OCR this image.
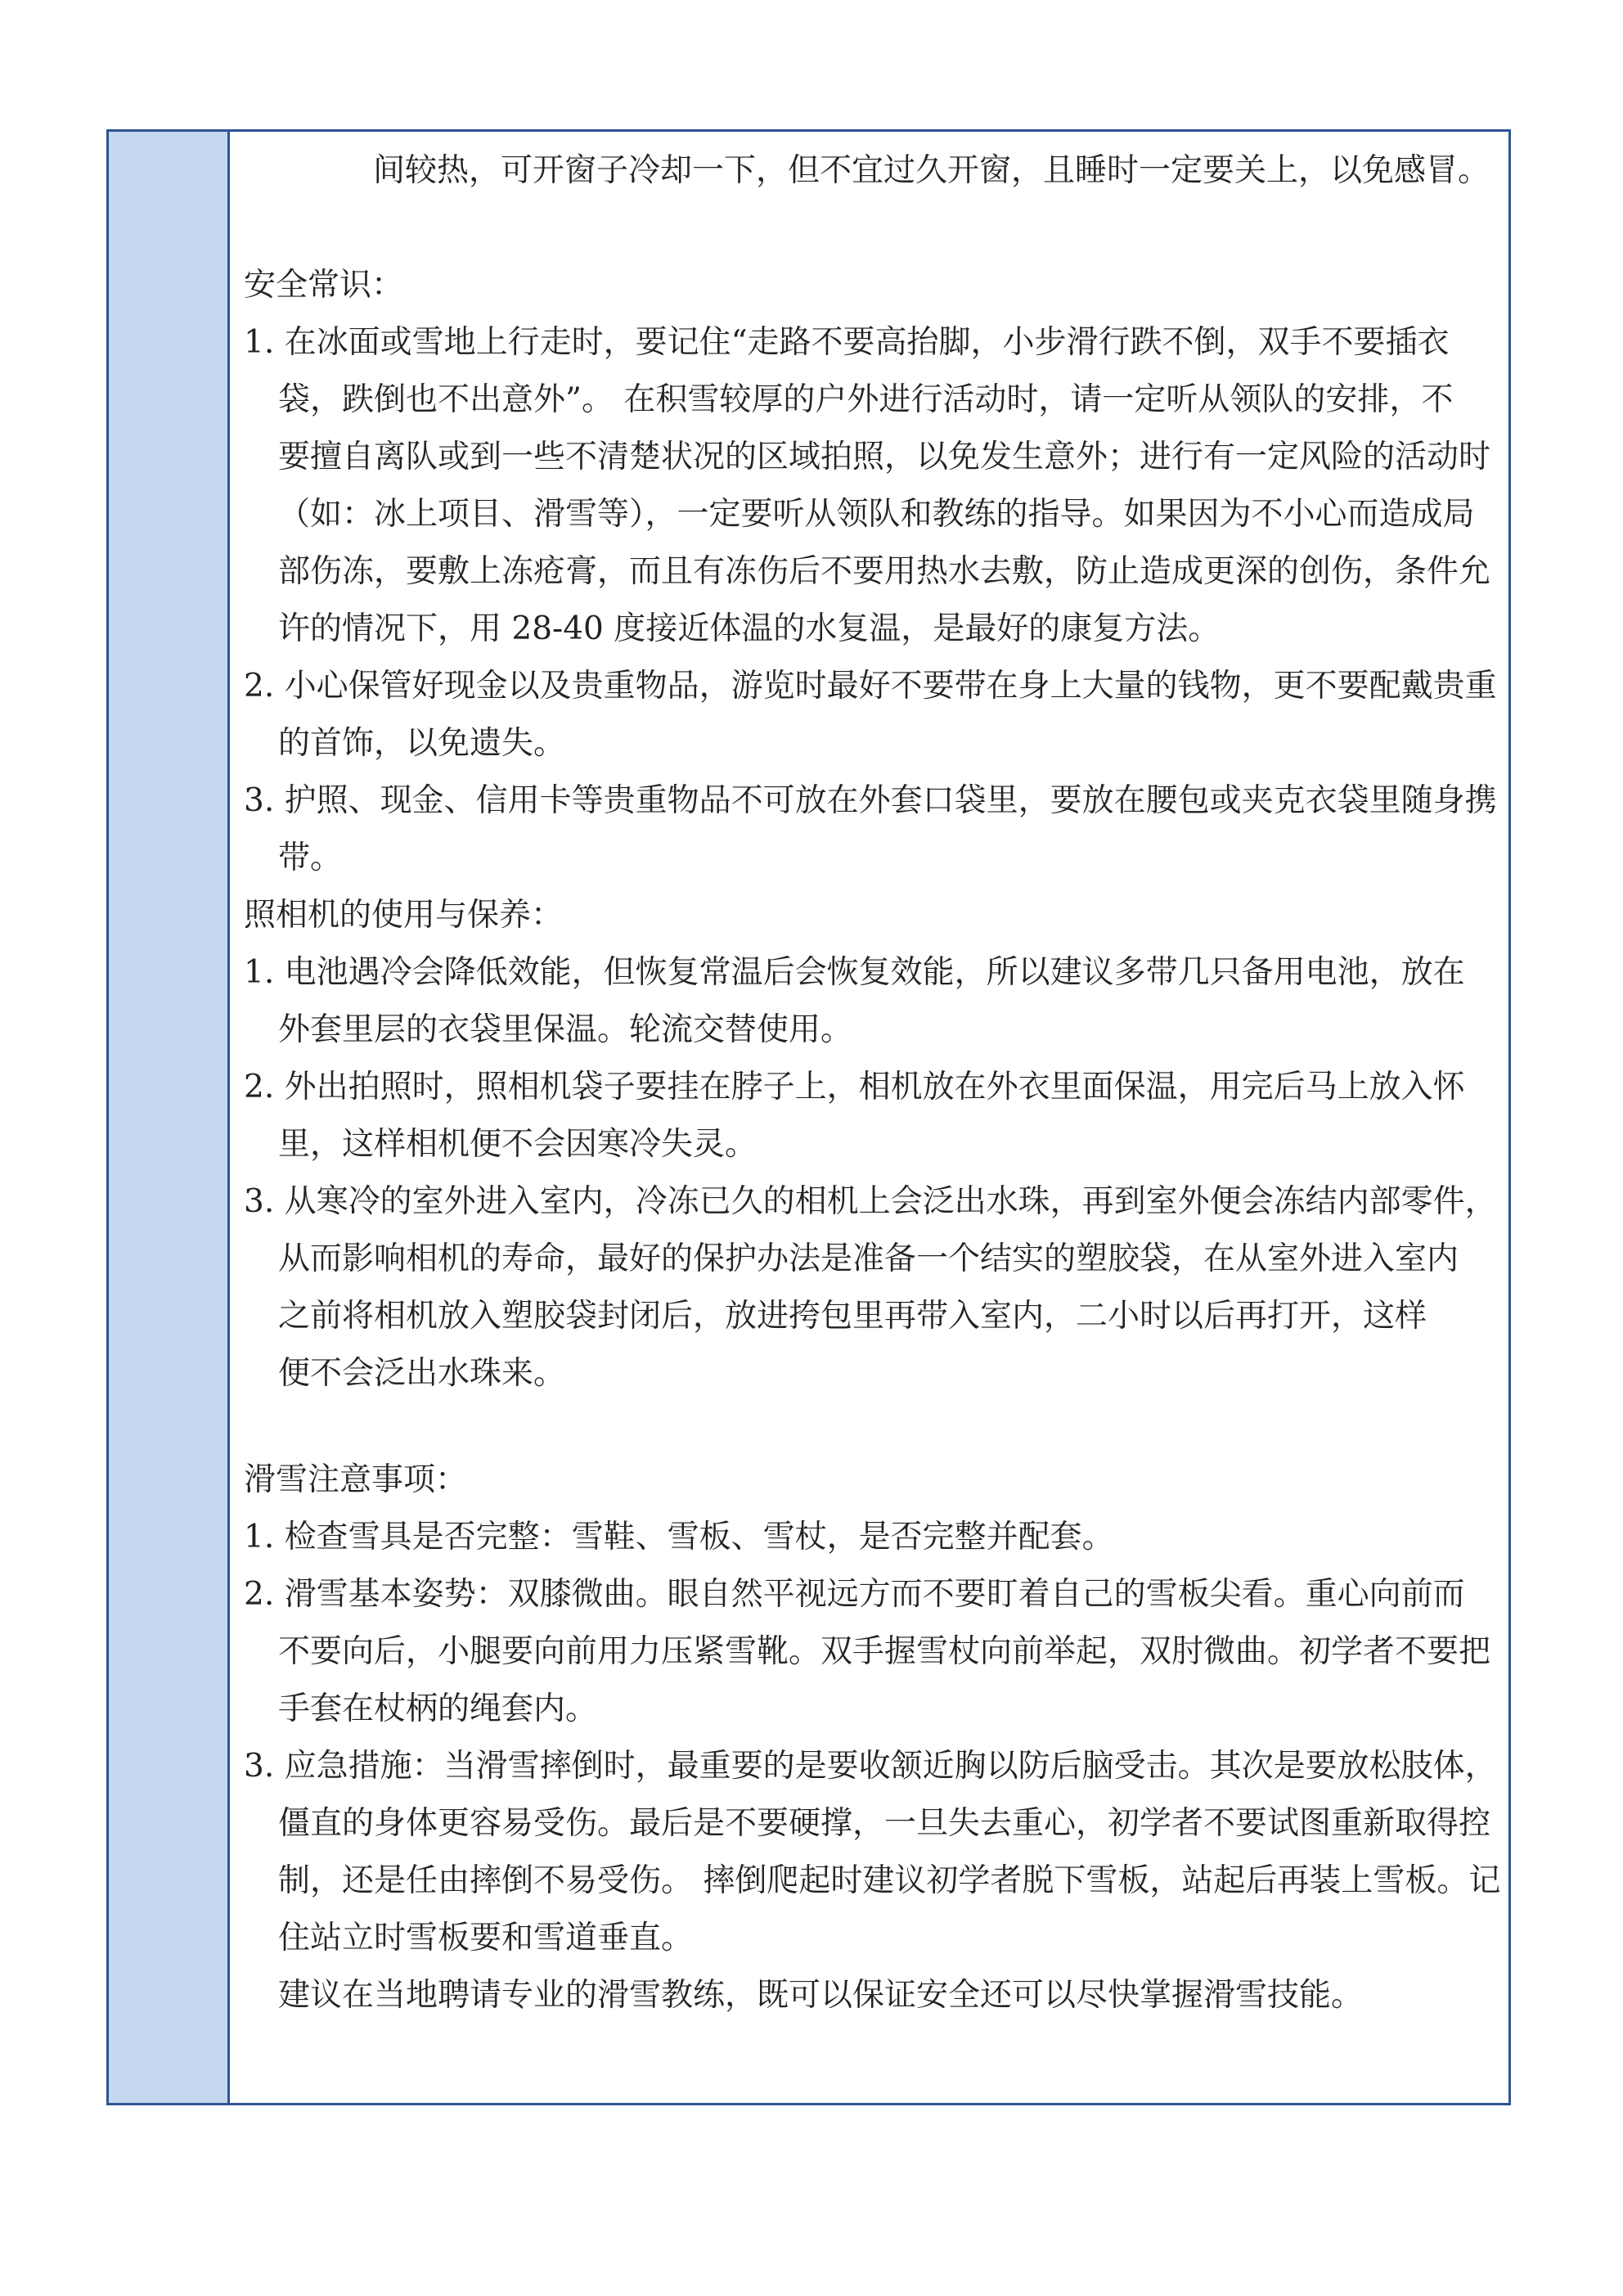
间较热，可开窗子冷却一下，但不宜过久开窗，且睡时一定要关上，以免感冒。

安全常识：

1. 在冰面或雪地上行走时，要记住“走路不要高抬脚，小步滑行跌不倒，双手不要插衣

袋，跌倒也不出意外”。 在积雪较厚的户外进行活动时，请一定听从领队的安排，不

要擅自离队或到一些不清楚状况的区域拍照，以免发生意外；进行有一定风险的活动时

（如：冰上项目、滑雪等），一定要听从领队和教练的指导。如果因为不小心而造成局

部伤冻，要敷上冻疮膏，而且有冻伤后不要用热水去敷，防止造成更深的创伤，条件允

许的情况下，用 28-40 度接近体温的水复温，是最好的康复方法。

2. 小心保管好现金以及贵重物品，游览时最好不要带在身上大量的钱物，更不要配戴贵重

的首饰，以免遗失。

3. 护照、现金、信用卡等贵重物品不可放在外套口袋里，要放在腰包或夹克衣袋里随身携

带。

照相机的使用与保养：

1. 电池遇冷会降低效能，但恢复常温后会恢复效能，所以建议多带几只备用电池，放在

外套里层的衣袋里保温。轮流交替使用。

2. 外出拍照时，照相机袋子要挂在脖子上，相机放在外衣里面保温，用完后马上放入怀

里，这样相机便不会因寒冷失灵。

3. 从寒冷的室外进入室内，冷冻已久的相机上会泛出水珠，再到室外便会冻结内部零件，

从而影响相机的寿命，最好的保护办法是准备一个结实的塑胶袋，在从室外进入室内

之前将相机放入塑胶袋封闭后，放进挎包里再带入室内，二小时以后再打开，这样

便不会泛出水珠来。

滑雪注意事项：

1. 检查雪具是否完整：雪鞋、雪板、雪杖，是否完整并配套。

2. 滑雪基本姿势：双膝微曲。眼自然平视远方而不要盯着自己的雪板尖看。重心向前而

不要向后，小腿要向前用力压紧雪靴。双手握雪杖向前举起，双肘微曲。初学者不要把

手套在杖柄的绳套内。

3. 应急措施：当滑雪摔倒时，最重要的是要收颔近胸以防后脑受击。其次是要放松肢体，

僵直的身体更容易受伤。最后是不要硬撑，一旦失去重心，初学者不要试图重新取得控

制，还是任由摔倒不易受伤。 摔倒爬起时建议初学者脱下雪板，站起后再装上雪板。记

住站立时雪板要和雪道垂直。

建议在当地聘请专业的滑雪教练，既可以保证安全还可以尽快掌握滑雪技能。
